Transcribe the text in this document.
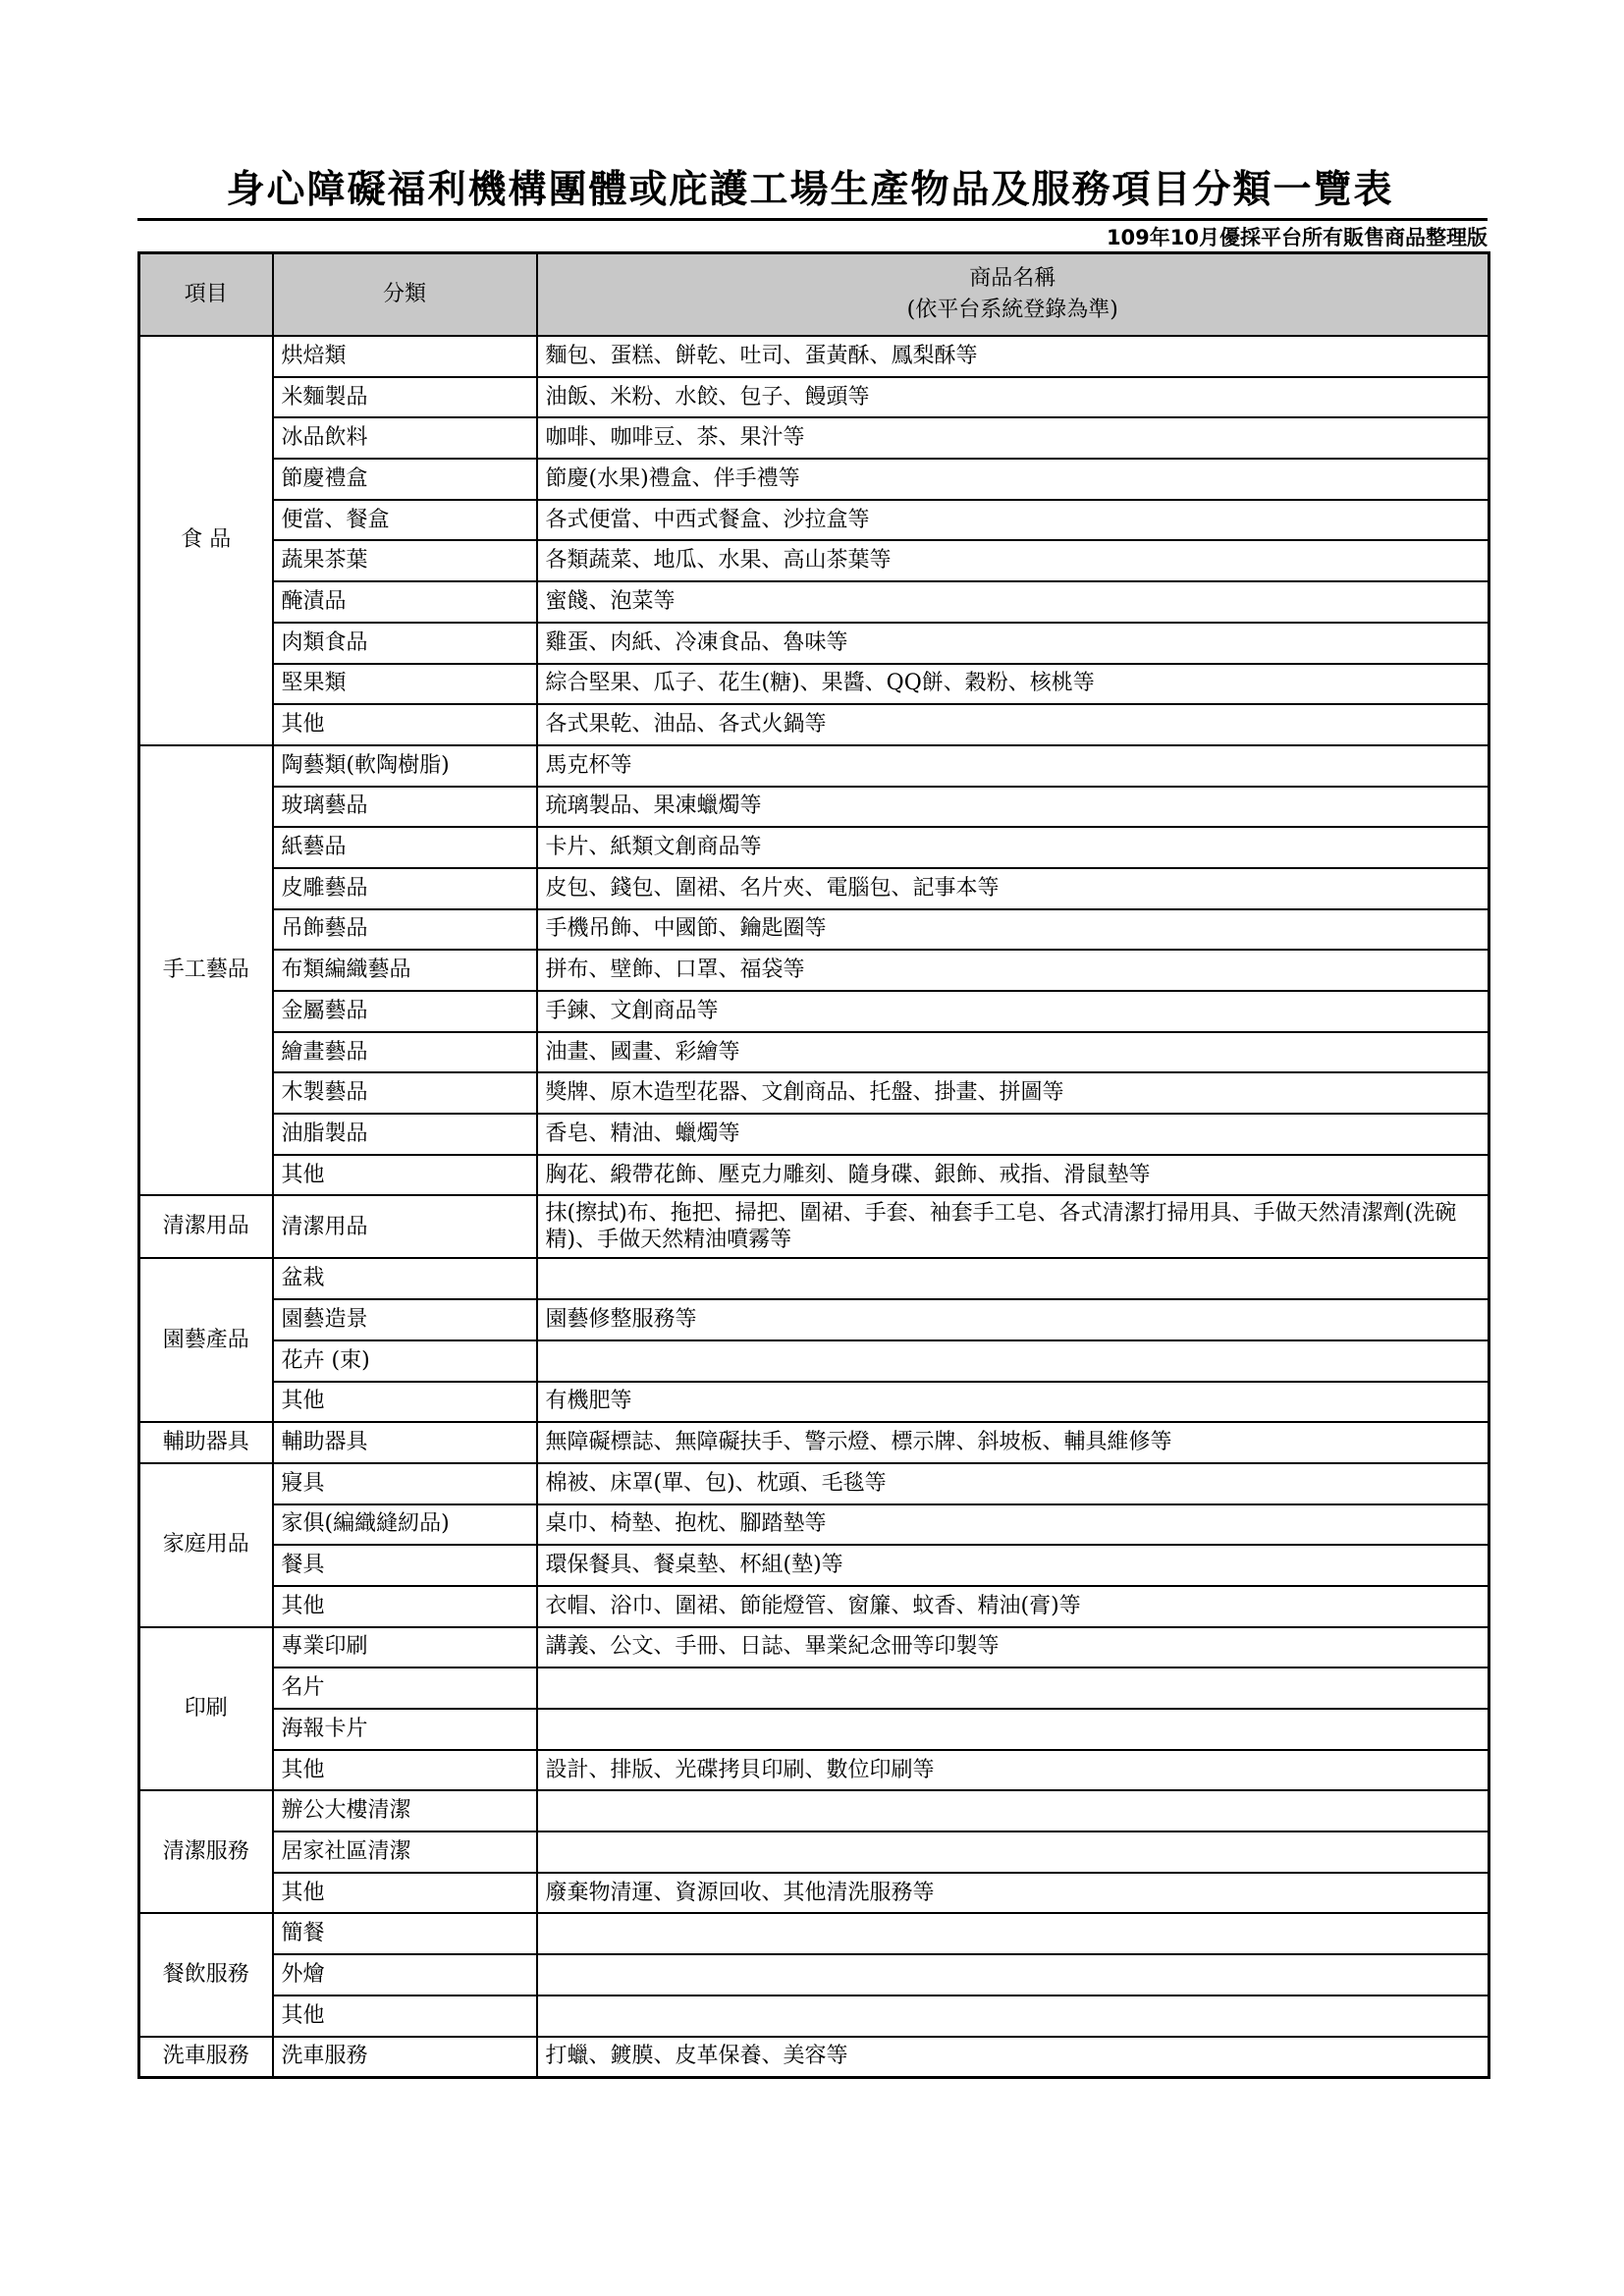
身心障礙福利機構團體或庇護工場生產物品及服務項目分類一覽表
109年10月優採平台所有販售商品整理版
項目	分類	商品名稱
(依平台系統登錄為準)

食 品	烘焙類	麵包、蛋糕、餅乾、吐司、蛋黃酥、鳳梨酥等
	米麵製品	油飯、米粉、水餃、包子、饅頭等
	冰品飲料	咖啡、咖啡豆、茶、果汁等
	節慶禮盒	節慶(水果)禮盒、伴手禮等
	便當、餐盒	各式便當、中西式餐盒、沙拉盒等
	蔬果茶葉	各類蔬菜、地瓜、水果、高山茶葉等
	醃漬品	蜜餞、泡菜等
	肉類食品	雞蛋、肉紙、冷凍食品、魯味等
	堅果類	綜合堅果、瓜子、花生(糖)、果醬、QQ餅、穀粉、核桃等
	其他	各式果乾、油品、各式火鍋等
手工藝品	陶藝類(軟陶樹脂)	馬克杯等
	玻璃藝品	琉璃製品、果凍蠟燭等
	紙藝品	卡片、紙類文創商品等
	皮雕藝品	皮包、錢包、圍裙、名片夾、電腦包、記事本等
	吊飾藝品	手機吊飾、中國節、鑰匙圈等
	布類編織藝品	拼布、壁飾、口罩、福袋等
	金屬藝品	手鍊、文創商品等
	繪畫藝品	油畫、國畫、彩繪等
	木製藝品	獎牌、原木造型花器、文創商品、托盤、掛畫、拼圖等
	油脂製品	香皂、精油、蠟燭等
	其他	胸花、緞帶花飾、壓克力雕刻、隨身碟、銀飾、戒指、滑鼠墊等
清潔用品	清潔用品	抹(擦拭)布、拖把、掃把、圍裙、手套、袖套手工皂、各式清潔打掃用具、手做天然清潔劑(洗碗精)、手做天然精油噴霧等
園藝產品	盆栽	
	園藝造景	園藝修整服務等
	花卉 (束)	
	其他	有機肥等
輔助器具	輔助器具	無障礙標誌、無障礙扶手、警示燈、標示牌、斜坡板、輔具維修等
家庭用品	寢具	棉被、床罩(單、包)、枕頭、毛毯等
	家俱(編織縫紉品)	桌巾、椅墊、抱枕、腳踏墊等
	餐具	環保餐具、餐桌墊、杯組(墊)等
	其他	衣帽、浴巾、圍裙、節能燈管、窗簾、蚊香、精油(膏)等
印刷	專業印刷	講義、公文、手冊、日誌、畢業紀念冊等印製等
	名片	
	海報卡片	
	其他	設計、排版、光碟拷貝印刷、數位印刷等
清潔服務	辦公大樓清潔	
	居家社區清潔	
	其他	廢棄物清運、資源回收、其他清洗服務等
餐飲服務	簡餐	
	外燴	
	其他	
洗車服務	洗車服務	打蠟、鍍膜、皮革保養、美容等
